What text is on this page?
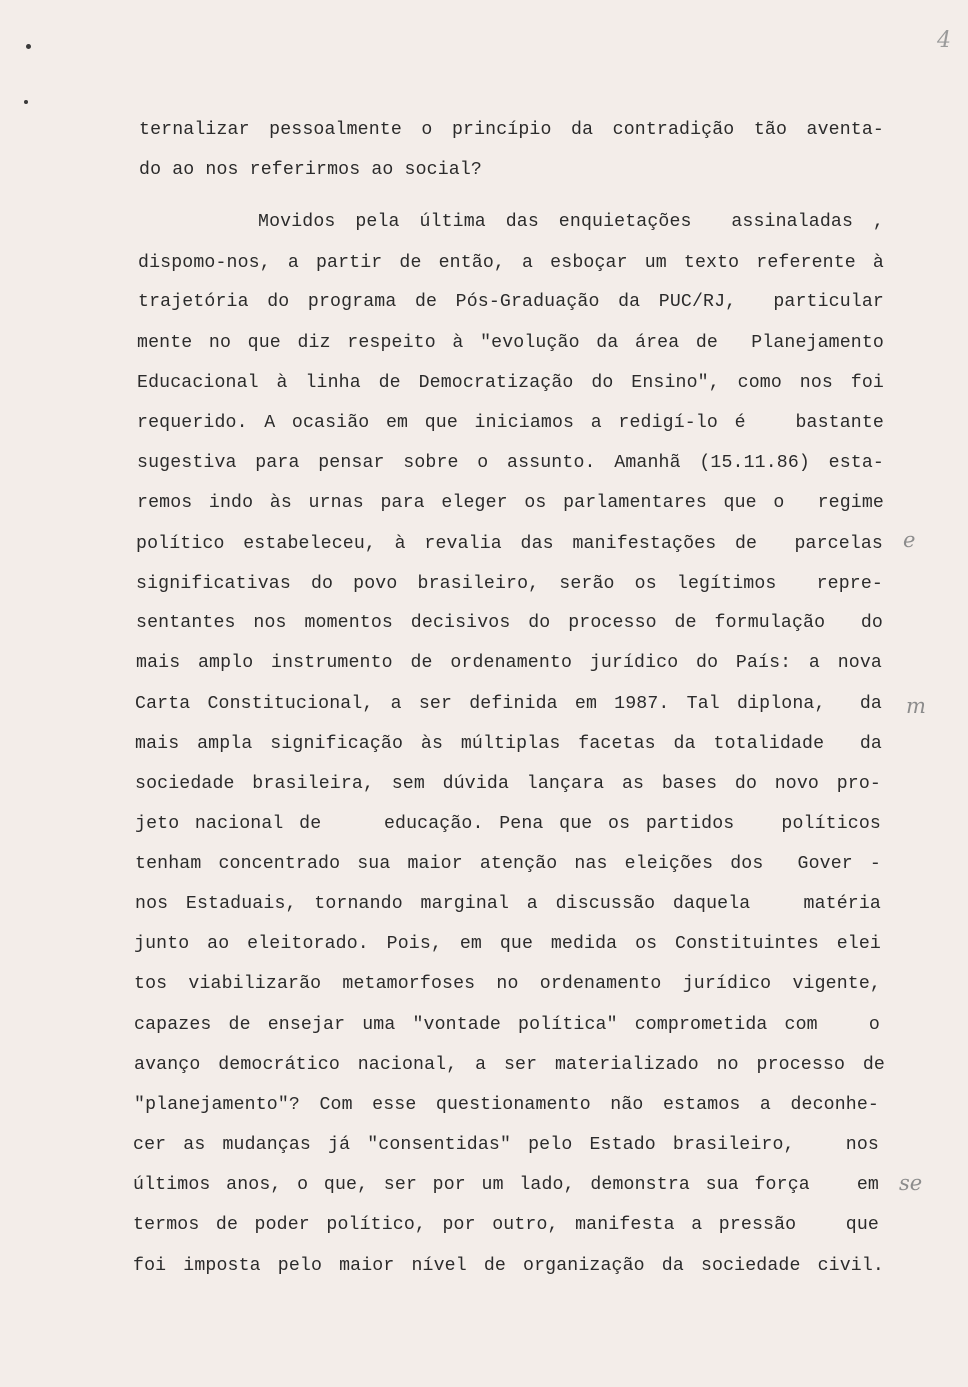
4
e
m
se
ternalizar pessoalmente o princípio da contradição tão aventa-
do ao nos referirmos ao social?
Movidos pela última das enquietações  assinaladas ,
dispomo-nos, a partir de então, a esboçar um texto referente à
trajetória do programa de Pós-Graduação da PUC/RJ,  particular
mente no que diz respeito à "evolução da área de  Planejamento
Educacional à linha de Democratização do Ensino", como nos foi
requerido. A ocasião em que iniciamos a redigí-lo é   bastante
sugestiva para pensar sobre o assunto. Amanhã (15.11.86) esta-
remos indo às urnas para eleger os parlamentares que o  regime
político estabeleceu, à revalia das manifestações de  parcelas
significativas do povo brasileiro, serão os legítimos  repre-
sentantes nos momentos decisivos do processo de formulação  do
mais amplo instrumento de ordenamento jurídico do País: a nova
Carta Constitucional, a ser definida em 1987. Tal diplona,  da
mais ampla significação às múltiplas facetas da totalidade  da
sociedade brasileira, sem dúvida lançara as bases do novo pro-
jeto nacional de    educação. Pena que os partidos   políticos
tenham concentrado sua maior atenção nas eleições dos  Gover -
nos Estaduais, tornando marginal a discussão daquela   matéria
junto ao eleitorado. Pois, em que medida os Constituintes elei
tos viabilizarão metamorfoses no ordenamento jurídico vigente,
capazes de ensejar uma "vontade política" comprometida com   o
avanço democrático nacional, a ser materializado no processo de
"planejamento"? Com esse questionamento não estamos a deconhe-
cer as mudanças já "consentidas" pelo Estado brasileiro,   nos
últimos anos, o que, ser por um lado, demonstra sua força   em
termos de poder político, por outro, manifesta a pressão   que
foi imposta pelo maior nível de organização da sociedade civil.
